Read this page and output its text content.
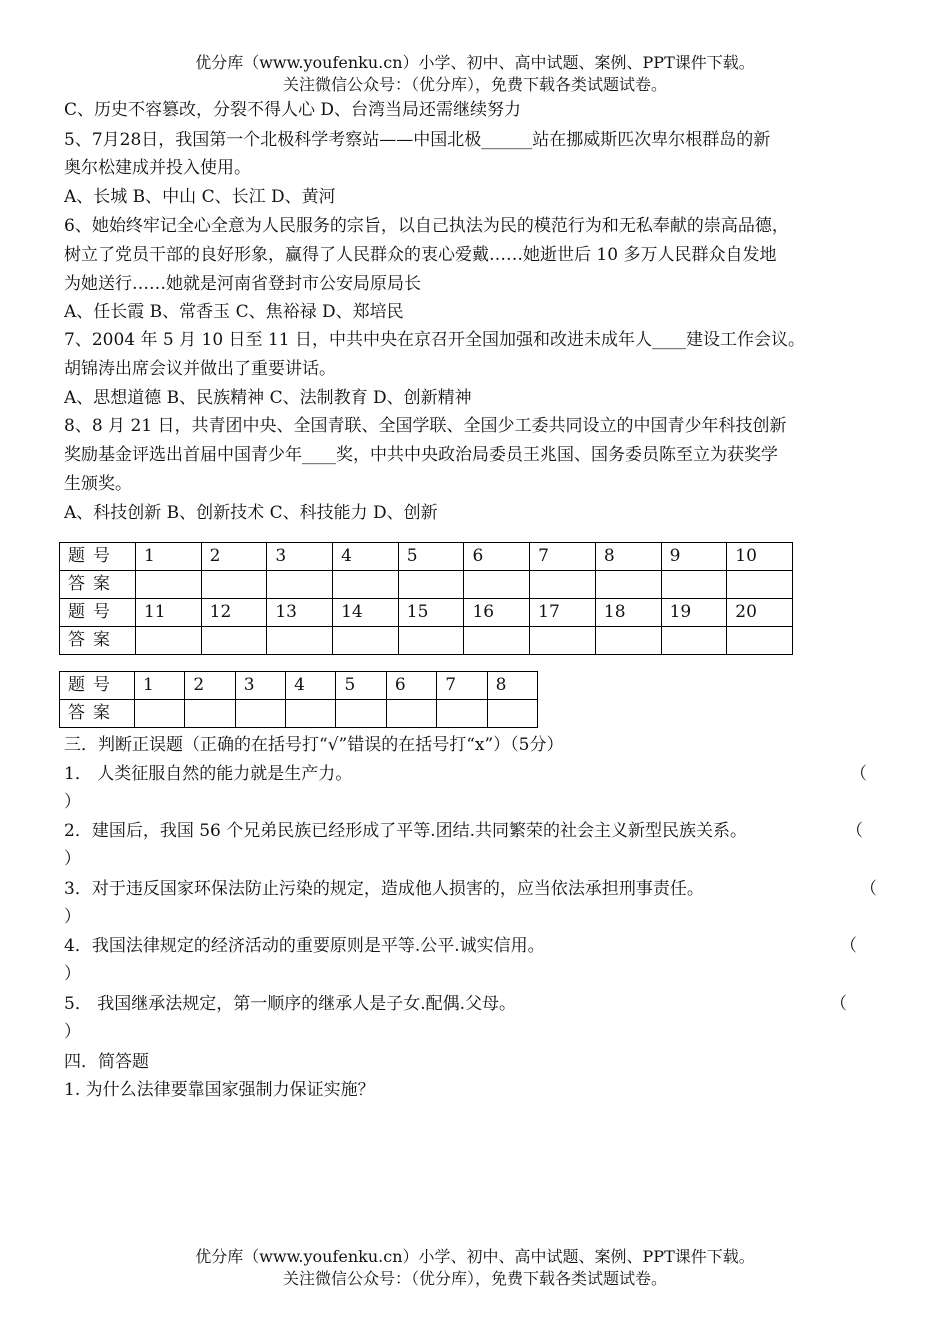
优分库（www.youfenku.cn）小学、初中、高中试题、案例、PPT课件下载。
关注微信公众号：（优分库），免费下载各类试题试卷。
C、历史不容篡改，分裂不得人心 D、台湾当局还需继续努力
5、7月28日，我国第一个北极科学考察站——中国北极______站在挪威斯匹次卑尔根群岛的新
奥尔松建成并投入使用。
A、长城 B、中山 C、长江 D、黄河
6、她始终牢记全心全意为人民服务的宗旨，以自己执法为民的模范行为和无私奉献的崇高品德，
树立了党员干部的良好形象，赢得了人民群众的衷心爱戴……她逝世后 10 多万人民群众自发地
为她送行……她就是河南省登封市公安局原局长
A、任长霞 B、常香玉 C、焦裕禄 D、郑培民
7、2004 年 5 月 10 日至 11 日，中共中央在京召开全国加强和改进未成年人____建设工作会议。
胡锦涛出席会议并做出了重要讲话。
A、思想道德 B、民族精神 C、法制教育 D、创新精神
8、8 月 21 日，共青团中央、全国青联、全国学联、全国少工委共同设立的中国青少年科技创新
奖励基金评选出首届中国青少年____奖，中共中央政治局委员王兆国、国务委员陈至立为获奖学
生颁奖。
A、科技创新 B、创新技术 C、科技能力 D、创新
题号	1	2	3	4	5	6	7	8	9	10
答案										
题号	11	12	13	14	15	16	17	18	19	20
答案										
题号	1	2	3	4	5	6	7	8
答案								
三．判断正误题（正确的在括号打“√”错误的在括号打“x”）（5分）
1． 人类征服自然的能力就是生产力。	（
）
2．建国后，我国 56 个兄弟民族已经形成了平等.团结.共同繁荣的社会主义新型民族关系。	（
）
3．对于违反国家环保法防止污染的规定，造成他人损害的，应当依法承担刑事责任。	（
）
4．我国法律规定的经济活动的重要原则是平等.公平.诚实信用。	（
）
5． 我国继承法规定，第一顺序的继承人是子女.配偶.父母。	（
）
四．简答题
1. 为什么法律要靠国家强制力保证实施？
优分库（www.youfenku.cn）小学、初中、高中试题、案例、PPT课件下载。
关注微信公众号：（优分库），免费下载各类试题试卷。
